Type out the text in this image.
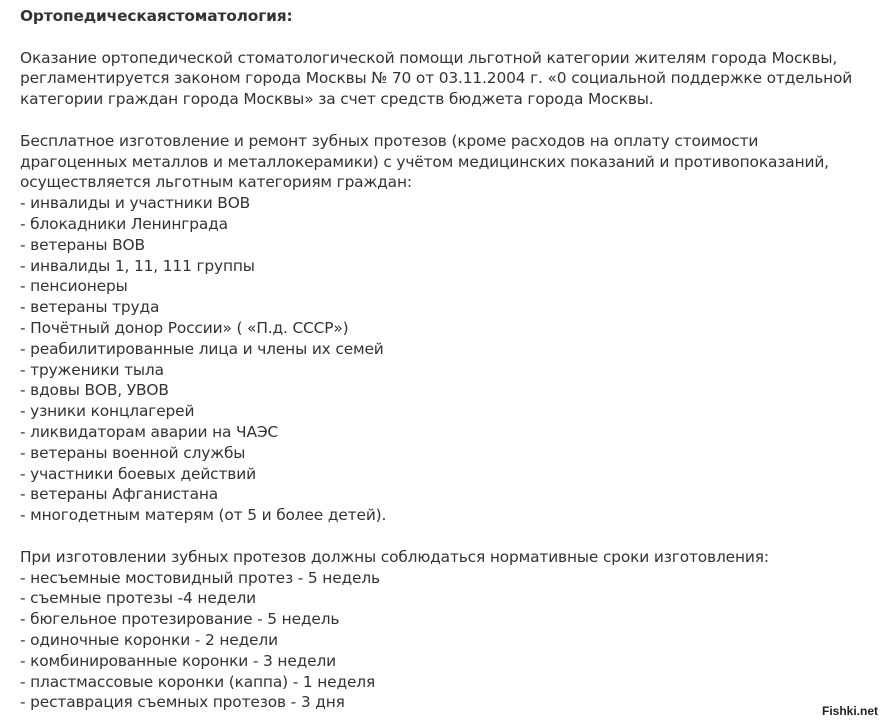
Ортопедическаястоматология:

Оказание ортопедической стоматологической помощи льготной категории жителям города Москвы, регламентируется законом города Москвы № 70 от 03.11.2004 г. «0 социальной поддержке отдельной категории граждан города Москвы» за счет средств бюджета города Москвы.

Бесплатное изготовление и ремонт зубных протезов (кроме расходов на оплату стоимости драгоценных металлов и металлокерамики) с учётом медицинских показаний и противопоказаний, осуществляется льготным категориям граждан:

- инвалиды и участники ВОВ
- блокадники Ленинграда
- ветераны ВОВ
- инвалиды 1, 11, 111 группы
- пенсионеры
- ветераны труда
- Почётный донор России» ( «П.д. СССР»)
- реабилитированные лица и члены их семей
- труженики тыла
- вдовы ВОВ, УВОВ
- узники концлагерей
- ликвидаторам аварии на ЧАЭС
- ветераны военной службы
- участники боевых действий
- ветераны Афганистана
- многодетным матерям (от 5 и более детей).

При изготовлении зубных протезов должны соблюдаться нормативные сроки изготовления:

- несъемные мостовидный протез - 5 недель
- съемные протезы -4 недели
- бюгельное протезирование - 5 недель
- одиночные коронки - 2 недели
- комбинированные коронки - 3 недели
- пластмассовые коронки (каппа) - 1 неделя
- реставрация съемных протезов - 3 дня	Fishki.net
